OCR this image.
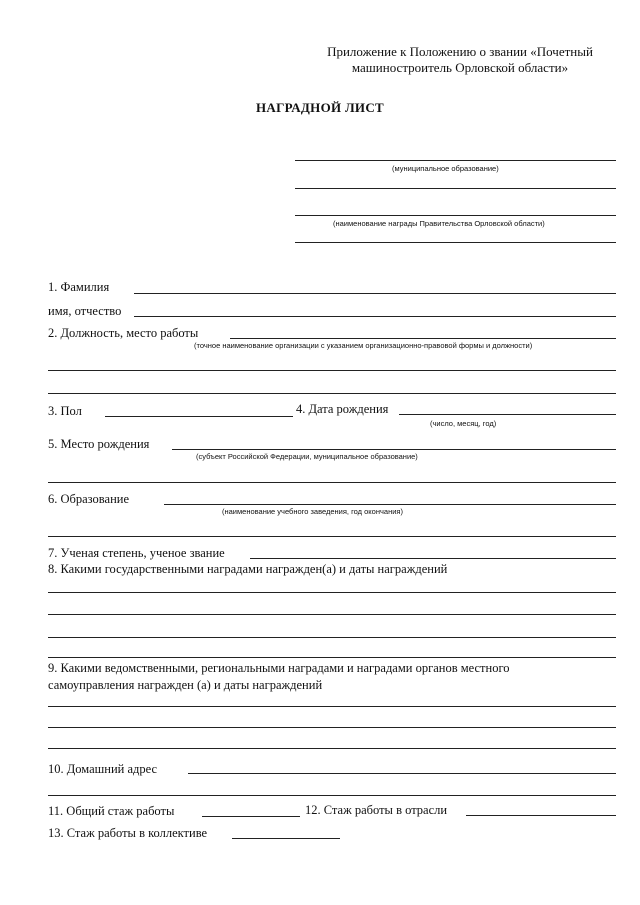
Приложение к Положению о звании «Почетный
машиностроитель Орловской области»
НАГРАДНОЙ ЛИСТ
(муниципальное образование)
(наименование награды Правительства Орловской области)
1. Фамилия
имя, отчество
2. Должность, место работы
(точное наименование организации с указанием организационно-правовой формы и должности)
3. Пол	4. Дата рождения
(число, месяц, год)
5. Место рождения
(субъект Российской Федерации, муниципальное образование)
6. Образование
(наименование учебного заведения, год окончания)
7. Ученая степень, ученое звание
8. Какими государственными наградами награжден(а) и даты награждений
9. Какими ведомственными, региональными наградами и наградами органов местного
самоуправления награжден (а) и даты награждений
10. Домашний адрес
11. Общий стаж работы	12. Стаж работы в отрасли
13. Стаж работы в коллективе
